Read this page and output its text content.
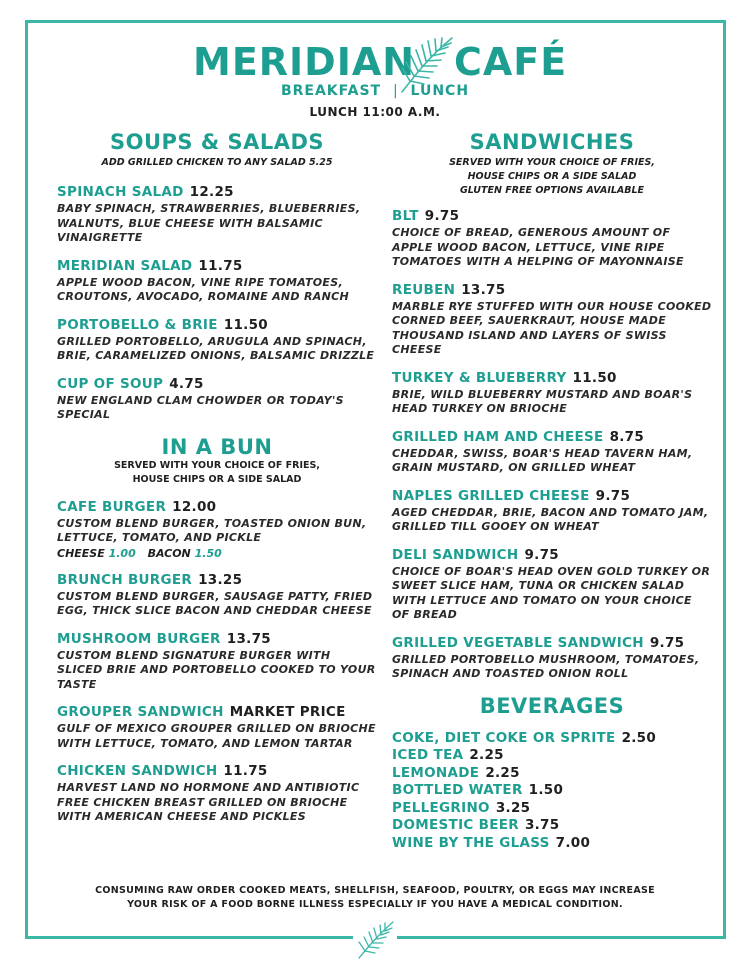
MERIDIAN CAFÉ
BREAKFAST | LUNCH
LUNCH 11:00 A.M.
SOUPS & SALADS
ADD GRILLED CHICKEN TO ANY SALAD 5.25
SPINACH SALAD 12.25
BABY SPINACH, STRAWBERRIES, BLUEBERRIES, WALNUTS, BLUE CHEESE WITH BALSAMIC VINAIGRETTE
MERIDIAN SALAD 11.75
APPLE WOOD BACON, VINE RIPE TOMATOES, CROUTONS, AVOCADO, ROMAINE AND RANCH
PORTOBELLO & BRIE 11.50
GRILLED PORTOBELLO, ARUGULA AND SPINACH, BRIE, CARAMELIZED ONIONS, BALSAMIC DRIZZLE
CUP OF SOUP 4.75
NEW ENGLAND CLAM CHOWDER OR TODAY'S SPECIAL
IN A BUN
SERVED WITH YOUR CHOICE OF FRIES,
HOUSE CHIPS OR A SIDE SALAD
CAFE BURGER 12.00
CUSTOM BLEND BURGER, TOASTED ONION BUN, LETTUCE, TOMATO, AND PICKLE
CHEESE 1.00 BACON 1.50
BRUNCH BURGER 13.25
CUSTOM BLEND BURGER, SAUSAGE PATTY, FRIED EGG, THICK SLICE BACON AND CHEDDAR CHEESE
MUSHROOM BURGER 13.75
CUSTOM BLEND SIGNATURE BURGER WITH SLICED BRIE AND PORTOBELLO COOKED TO YOUR TASTE
GROUPER SANDWICH MARKET PRICE
GULF OF MEXICO GROUPER GRILLED ON BRIOCHE WITH LETTUCE, TOMATO, AND LEMON TARTAR
CHICKEN SANDWICH 11.75
HARVEST LAND NO HORMONE AND ANTIBIOTIC FREE CHICKEN BREAST GRILLED ON BRIOCHE WITH AMERICAN CHEESE AND PICKLES
SANDWICHES
SERVED WITH YOUR CHOICE OF FRIES,
HOUSE CHIPS OR A SIDE SALAD
GLUTEN FREE OPTIONS AVAILABLE
BLT 9.75
CHOICE OF BREAD, GENEROUS AMOUNT OF APPLE WOOD BACON, LETTUCE, VINE RIPE TOMATOES WITH A HELPING OF MAYONNAISE
REUBEN 13.75
MARBLE RYE STUFFED WITH OUR HOUSE COOKED CORNED BEEF, SAUERKRAUT, HOUSE MADE THOUSAND ISLAND AND LAYERS OF SWISS CHEESE
TURKEY & BLUEBERRY 11.50
BRIE, WILD BLUEBERRY MUSTARD AND BOAR'S HEAD TURKEY ON BRIOCHE
GRILLED HAM AND CHEESE 8.75
CHEDDAR, SWISS, BOAR'S HEAD TAVERN HAM, GRAIN MUSTARD, ON GRILLED WHEAT
NAPLES GRILLED CHEESE 9.75
AGED CHEDDAR, BRIE, BACON AND TOMATO JAM, GRILLED TILL GOOEY ON WHEAT
DELI SANDWICH 9.75
CHOICE OF BOAR'S HEAD OVEN GOLD TURKEY OR SWEET SLICE HAM, TUNA OR CHICKEN SALAD WITH LETTUCE AND TOMATO ON YOUR CHOICE OF BREAD
GRILLED VEGETABLE SANDWICH 9.75
GRILLED PORTOBELLO MUSHROOM, TOMATOES, SPINACH AND TOASTED ONION ROLL
BEVERAGES
COKE, DIET COKE OR SPRITE 2.50
ICED TEA 2.25
LEMONADE 2.25
BOTTLED WATER 1.50
PELLEGRINO 3.25
DOMESTIC BEER 3.75
WINE BY THE GLASS 7.00
CONSUMING RAW ORDER COOKED MEATS, SHELLFISH, SEAFOOD, POULTRY, OR EGGS MAY INCREASE
YOUR RISK OF A FOOD BORNE ILLNESS ESPECIALLY IF YOU HAVE A MEDICAL CONDITION.
